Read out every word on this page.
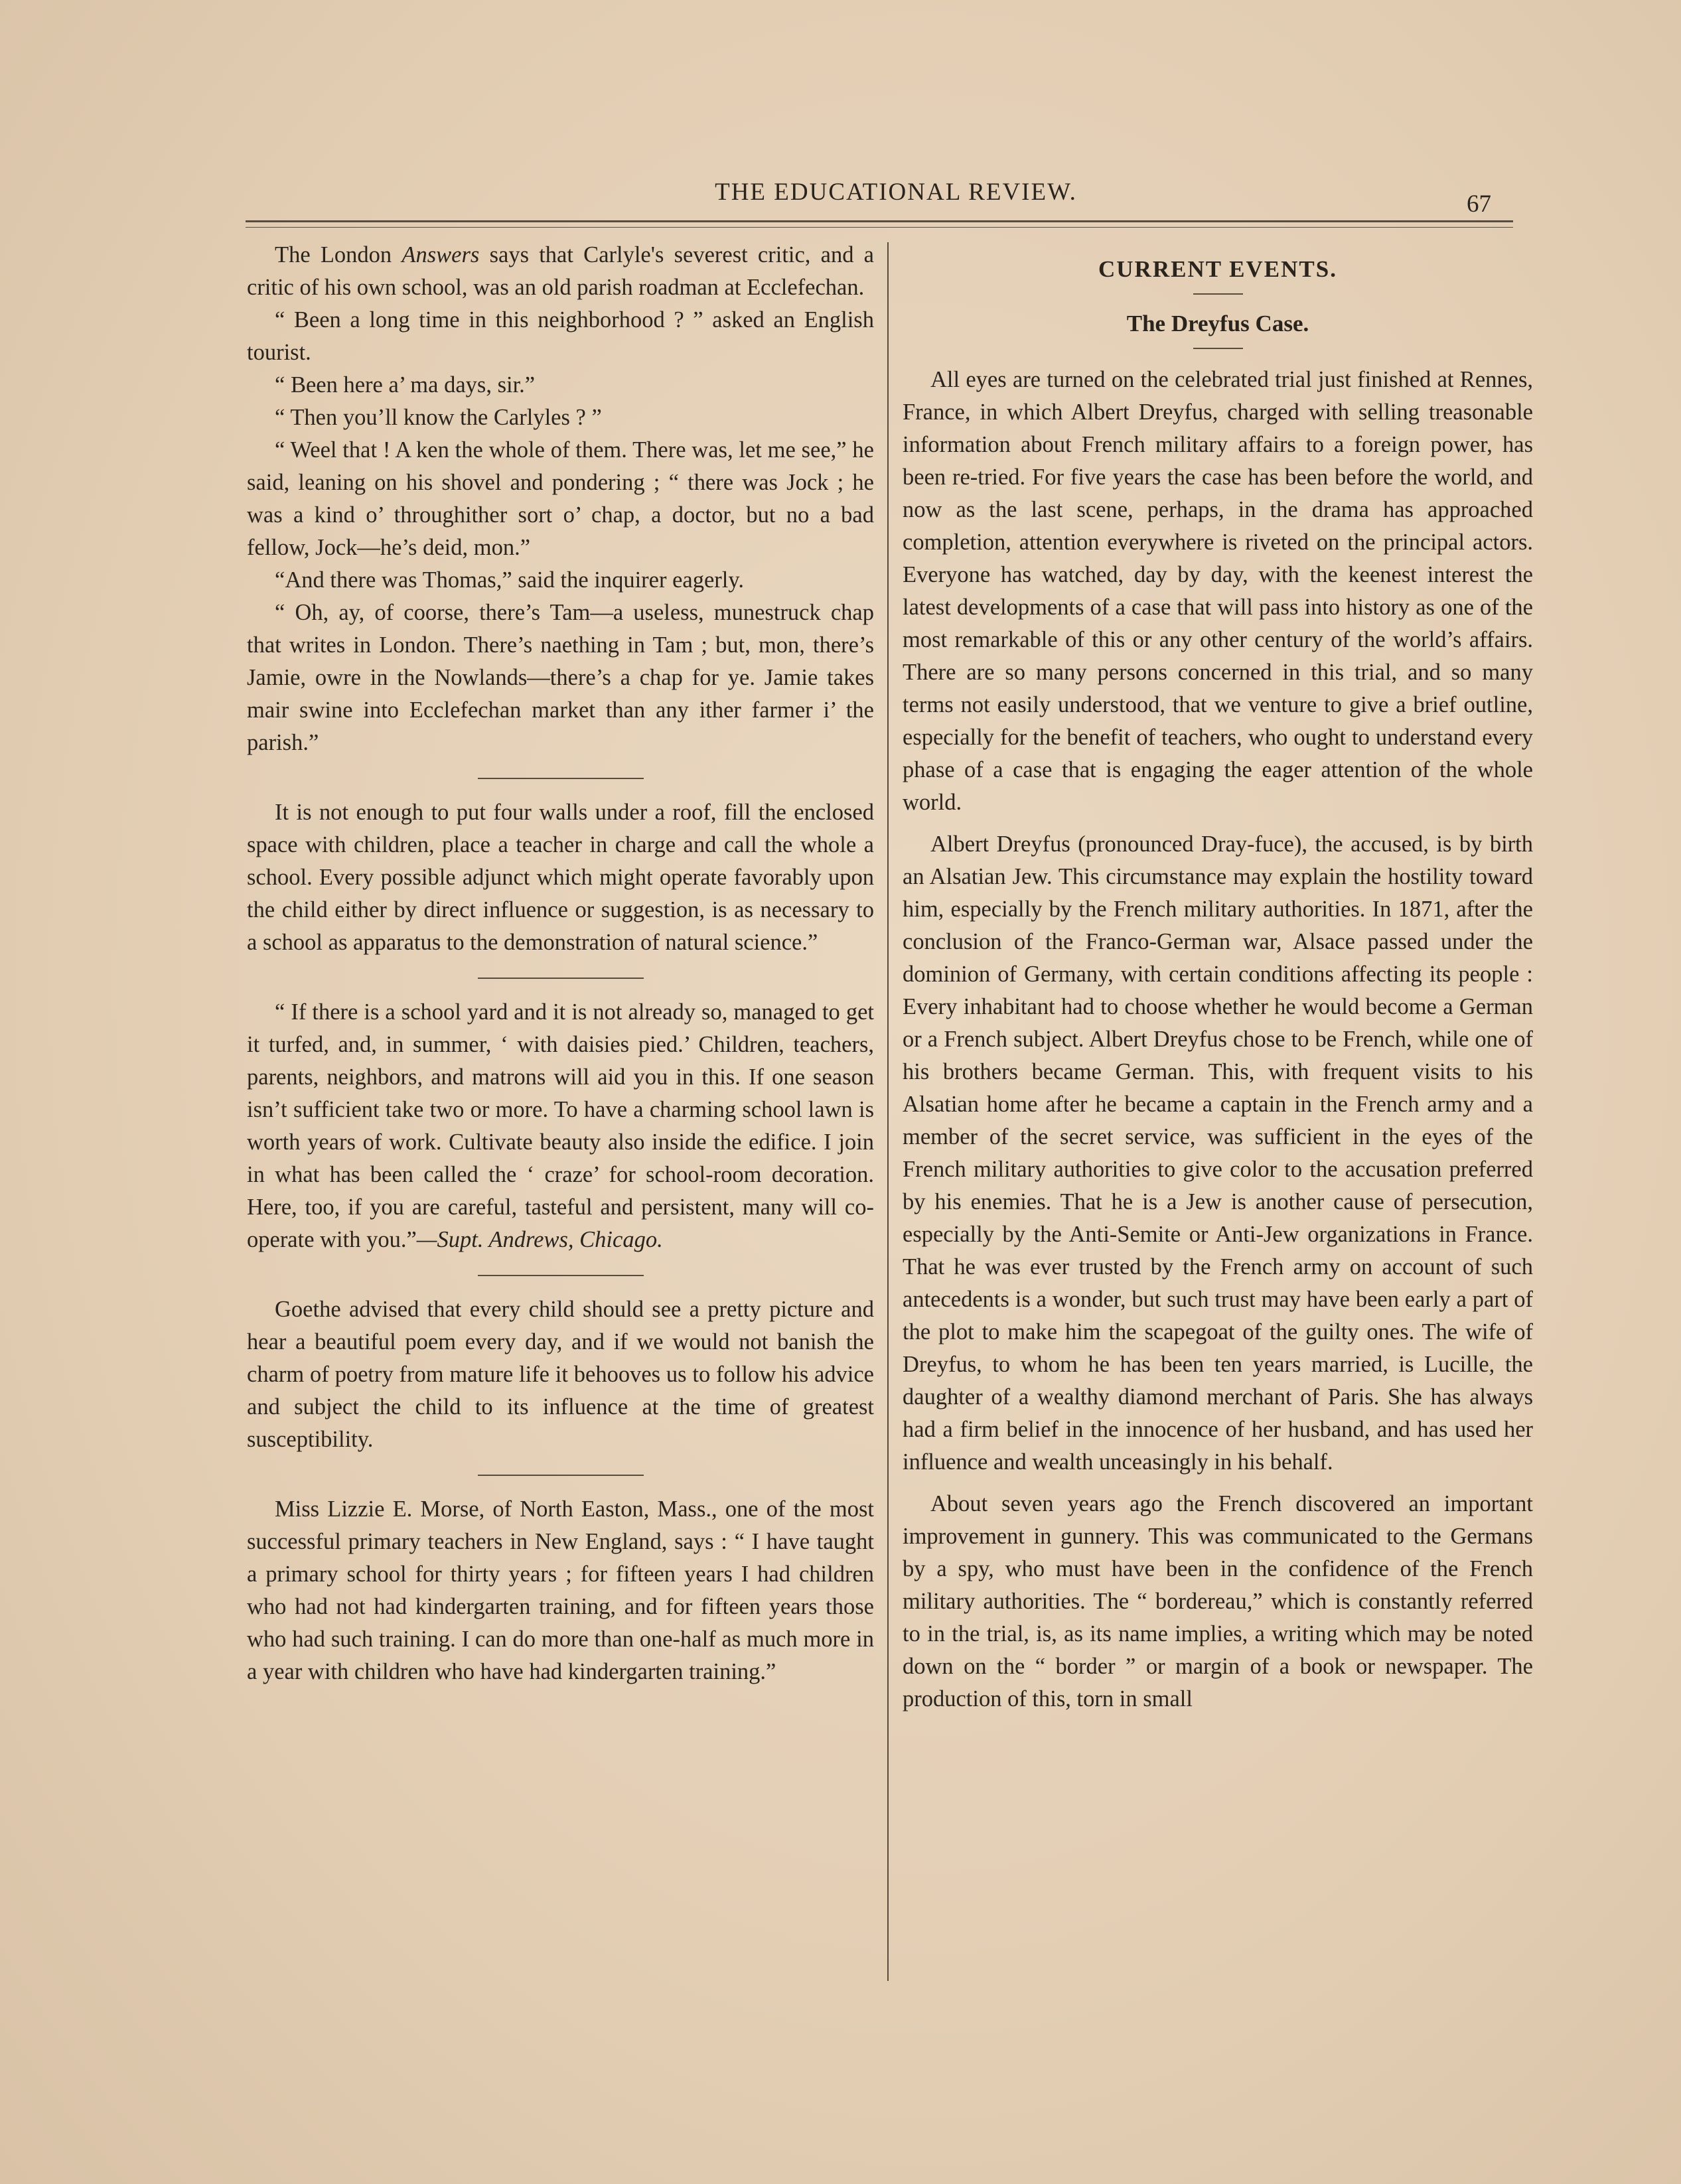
THE EDUCATIONAL REVIEW.	67

The London Answers says that Carlyle's severest critic, and a critic of his own school, was an old parish roadman at Ecclefechan.

“ Been a long time in this neighborhood ? ” asked an English tourist.

“ Been here a’ ma days, sir.”

“ Then you’ll know the Carlyles ? ”

“ Weel that ! A ken the whole of them. There was, let me see,” he said, leaning on his shovel and pondering ; “ there was Jock ; he was a kind o’ throughither sort o’ chap, a doctor, but no a bad fellow, Jock—he’s deid, mon.”

“And there was Thomas,” said the inquirer eagerly.

“ Oh, ay, of coorse, there’s Tam—a useless, munestruck chap that writes in London. There’s naething in Tam ; but, mon, there’s Jamie, owre in the Nowlands—there’s a chap for ye. Jamie takes mair swine into Ecclefechan market than any ither farmer i’ the parish.”

It is not enough to put four walls under a roof, fill the enclosed space with children, place a teacher in charge and call the whole a school. Every possible adjunct which might operate favorably upon the child either by direct influence or suggestion, is as necessary to a school as apparatus to the demonstration of natural science.”

“ If there is a school yard and it is not already so, managed to get it turfed, and, in summer, ‘ with daisies pied.’ Children, teachers, parents, neighbors, and matrons will aid you in this. If one season isn’t sufficient take two or more. To have a charming school lawn is worth years of work. Cultivate beauty also inside the edifice. I join in what has been called the ‘ craze’ for school-room decoration. Here, too, if you are careful, tasteful and persistent, many will co-operate with you.”—Supt. Andrews, Chicago.

Goethe advised that every child should see a pretty picture and hear a beautiful poem every day, and if we would not banish the charm of poetry from mature life it behooves us to follow his advice and subject the child to its influence at the time of greatest susceptibility.

Miss Lizzie E. Morse, of North Easton, Mass., one of the most successful primary teachers in New England, says : “ I have taught a primary school for thirty years ; for fifteen years I had children who had not had kindergarten training, and for fifteen years those who had such training. I can do more than one-half as much more in a year with children who have had kindergarten training.”

CURRENT EVENTS.
The Dreyfus Case.

All eyes are turned on the celebrated trial just finished at Rennes, France, in which Albert Dreyfus, charged with selling treasonable information about French military affairs to a foreign power, has been re-tried. For five years the case has been before the world, and now as the last scene, perhaps, in the drama has approached completion, attention everywhere is riveted on the principal actors. Everyone has watched, day by day, with the keenest interest the latest developments of a case that will pass into history as one of the most remarkable of this or any other century of the world’s affairs. There are so many persons concerned in this trial, and so many terms not easily understood, that we venture to give a brief outline, especially for the benefit of teachers, who ought to understand every phase of a case that is engaging the eager attention of the whole world.

Albert Dreyfus (pronounced Dray-fuce), the accused, is by birth an Alsatian Jew. This circumstance may explain the hostility toward him, especially by the French military authorities. In 1871, after the conclusion of the Franco-German war, Alsace passed under the dominion of Germany, with certain conditions affecting its people : Every inhabitant had to choose whether he would become a German or a French subject. Albert Dreyfus chose to be French, while one of his brothers became German. This, with frequent visits to his Alsatian home after he became a captain in the French army and a member of the secret service, was sufficient in the eyes of the French military authorities to give color to the accusation preferred by his enemies. That he is a Jew is another cause of persecution, especially by the Anti-Semite or Anti-Jew organizations in France. That he was ever trusted by the French army on account of such antecedents is a wonder, but such trust may have been early a part of the plot to make him the scapegoat of the guilty ones. The wife of Dreyfus, to whom he has been ten years married, is Lucille, the daughter of a wealthy diamond merchant of Paris. She has always had a firm belief in the innocence of her husband, and has used her influence and wealth unceasingly in his behalf.

About seven years ago the French discovered an important improvement in gunnery. This was communicated to the Germans by a spy, who must have been in the confidence of the French military authorities. The “ bordereau,” which is constantly referred to in the trial, is, as its name implies, a writing which may be noted down on the “ border ” or margin of a book or newspaper. The production of this, torn in small
